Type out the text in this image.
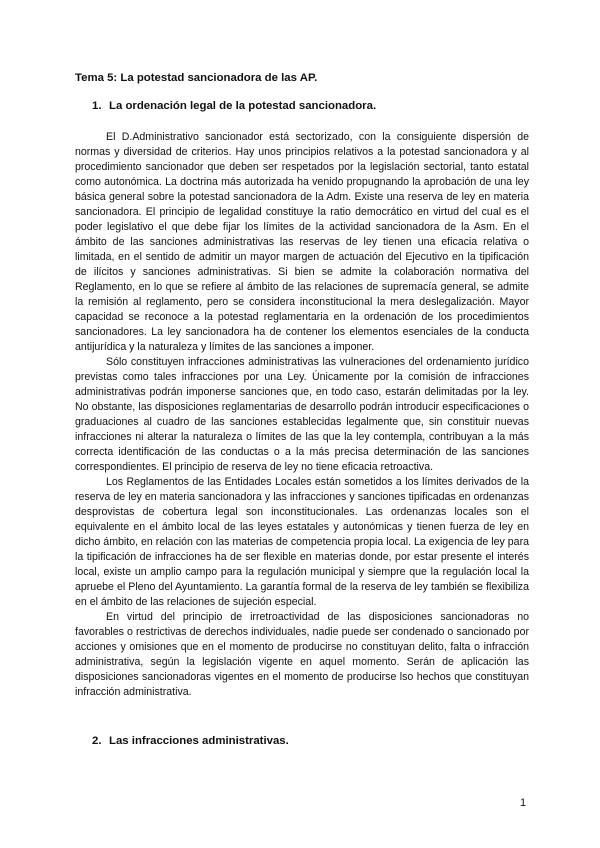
Tema 5: La potestad sancionadora de las AP.
1. La ordenación legal de la potestad sancionadora.

El D.Administrativo sancionador está sectorizado, con la consiguiente dispersión de normas y diversidad de criterios. Hay unos principios relativos a la potestad sancionadora y al procedimiento sancionador que deben ser respetados por la legislación sectorial, tanto estatal como autonómica. La doctrina más autorizada ha venido propugnando la aprobación de una ley básica general sobre la potestad sancionadora de la Adm. Existe una reserva de ley en materia sancionadora. El principio de legalidad constituye la ratio democrático en virtud del cual es el poder legislativo el que debe fijar los límites de la actividad sancionadora de la Asm. En el ámbito de las sanciones administrativas las reservas de ley tienen una eficacia relativa o limitada, en el sentido de admitir un mayor margen de actuación del Ejecutivo en la tipificación de ilícitos y sanciones administrativas. Si bien se admite la colaboración normativa del Reglamento, en lo que se refiere al ámbito de las relaciones de supremacía general, se admite la remisión al reglamento, pero se considera inconstitucional la mera deslegalización. Mayor capacidad se reconoce a la potestad reglamentaria en la ordenación de los procedimientos sancionadores. La ley sancionadora ha de contener los elementos esenciales de la conducta antijurídica y la naturaleza y límites de las sanciones a imponer.

Sólo constituyen infracciones administrativas las vulneraciones del ordenamiento jurídico previstas como tales infracciones por una Ley. Únicamente por la comisión de infracciones administrativas podrán imponerse sanciones que, en todo caso, estarán delimitadas por la ley. No obstante, las disposiciones reglamentarias de desarrollo podrán introducir especificaciones o graduaciones al cuadro de las sanciones establecidas legalmente que, sin constituir nuevas infracciones ni alterar la naturaleza o límites de las que la ley contempla, contribuyan a la más correcta identificación de las conductas o a la más precisa determinación de las sanciones correspondientes. El principio de reserva de ley no tiene eficacia retroactiva.

Los Reglamentos de las Entidades Locales están sometidos a los límites derivados de la reserva de ley en materia sancionadora y las infracciones y sanciones tipificadas en ordenanzas desprovistas de cobertura legal son inconstitucionales. Las ordenanzas locales son el equivalente en el ámbito local de las leyes estatales y autonómicas y tienen fuerza de ley en dicho ámbito, en relación con las materias de competencia propia local. La exigencia de ley para la tipificación de infracciones ha de ser flexible en materias donde, por estar presente el interés local, existe un amplio campo para la regulación municipal y siempre que la regulación local la apruebe el Pleno del Ayuntamiento. La garantía formal de la reserva de ley también se flexibiliza en el ámbito de las relaciones de sujeción especial.

En virtud del principio de irretroactividad de las disposiciones sancionadoras no favorables o restrictivas de derechos individuales, nadie puede ser condenado o sancionado por acciones y omisiones que en el momento de producirse no constituyan delito, falta o infracción administrativa, según la legislación vigente en aquel momento. Serán de aplicación las disposiciones sancionadoras vigentes en el momento de producirse lso hechos que constituyan infracción administrativa.

2. Las infracciones administrativas.
1
